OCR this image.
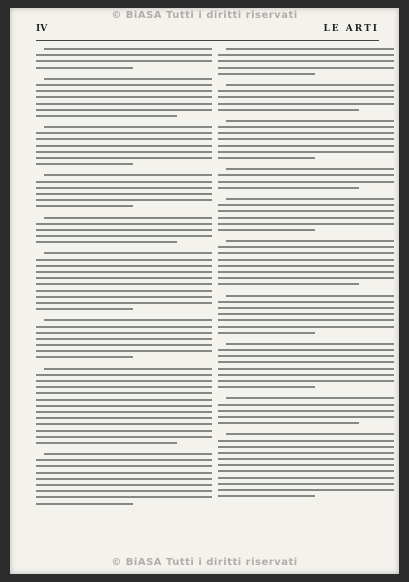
© BiASA Tutti i diritti riservati
IV	LE ARTI
© BiASA Tutti i diritti riservati
